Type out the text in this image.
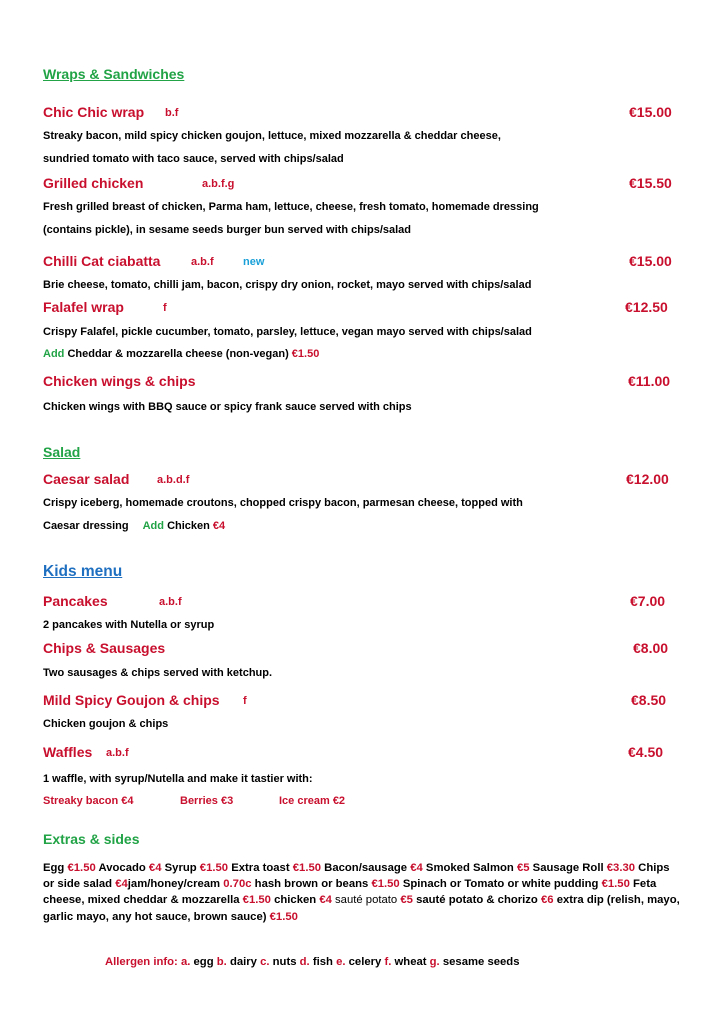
Wraps & Sandwiches
Chic Chic wrap b.f	€15.00
Streaky bacon, mild spicy chicken goujon, lettuce, mixed mozzarella & cheddar cheese,
sundried tomato with taco sauce, served with chips/salad
Grilled chicken	a.b.f.g	€15.50
Fresh grilled breast of chicken, Parma ham, lettuce, cheese, fresh tomato, homemade dressing
(contains pickle), in sesame seeds burger bun served with chips/salad
Chilli Cat ciabatta	a.b.f	new	€15.00
Brie cheese, tomato, chilli jam, bacon, crispy dry onion, rocket, mayo served with chips/salad
Falafel wrap	f	€12.50
Crispy Falafel, pickle cucumber, tomato, parsley, lettuce, vegan mayo served with chips/salad
Add Cheddar & mozzarella cheese (non-vegan) €1.50
Chicken wings & chips	€11.00
Chicken wings with BBQ sauce or spicy frank sauce served with chips
Salad
Caesar salad	a.b.d.f	€12.00
Crispy iceberg, homemade croutons, chopped crispy bacon, parmesan cheese, topped with
Caesar dressing Add Chicken €4
Kids menu
Pancakes	a.b.f	€7.00
2 pancakes with Nutella or syrup
Chips & Sausages	€8.00
Two sausages & chips served with ketchup.
Mild Spicy Goujon & chips f	€8.50
Chicken goujon & chips
Waffles a.b.f	€4.50
1 waffle, with syrup/Nutella and make it tastier with:
Streaky bacon €4	Berries €3	Ice cream €2
Extras & sides
Egg €1.50 Avocado €4 Syrup €1.50 Extra toast €1.50 Bacon/sausage €4 Smoked Salmon €5 Sausage Roll €3.30 Chips or side salad €4jam/honey/cream 0.70c hash brown or beans €1.50 Spinach or Tomato or white pudding €1.50 Feta cheese, mixed cheddar & mozzarella €1.50 chicken €4 sauté potato €5 sauté potato & chorizo €6 extra dip (relish, mayo, garlic mayo, any hot sauce, brown sauce) €1.50
Allergen info: a. egg b. dairy c. nuts d. fish e. celery f. wheat g. sesame seeds
